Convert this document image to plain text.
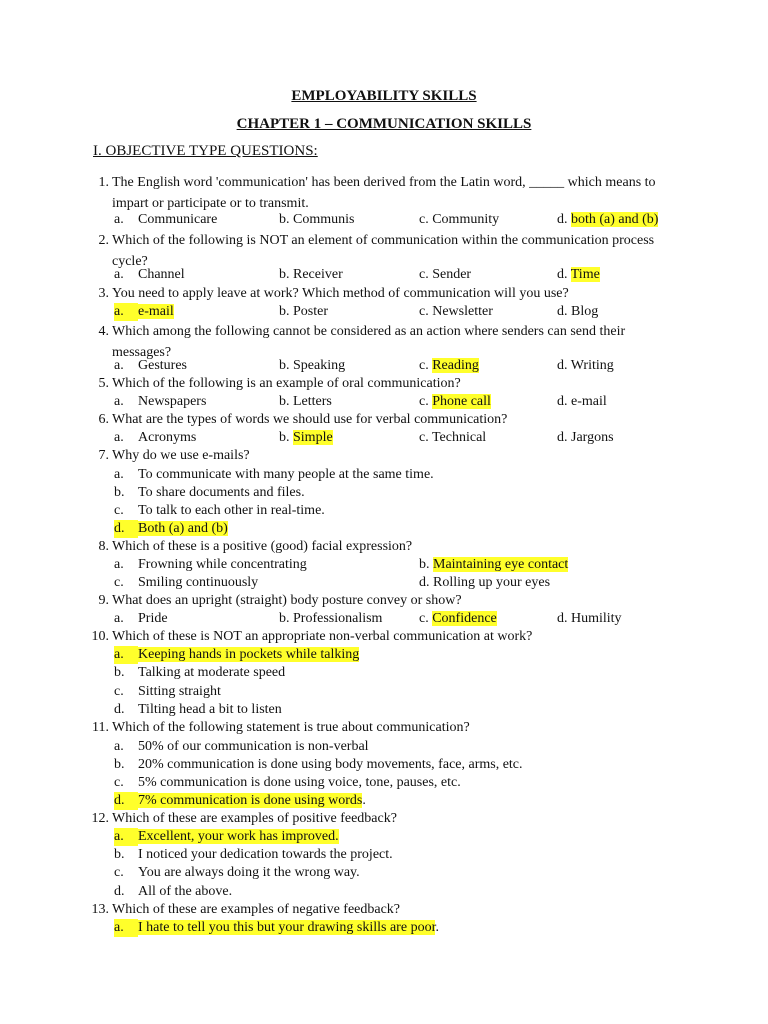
EMPLOYABILITY SKILLS
CHAPTER 1 – COMMUNICATION SKILLS
I. OBJECTIVE TYPE QUESTIONS:
1. The English word 'communication' has been derived from the Latin word, _____ which means to impart or participate or to transmit.
a. Communicare	b. Communis	c. Community	d. both (a) and (b)
2. Which of the following is NOT an element of communication within the communication process cycle?
a. Channel	b. Receiver	c. Sender	d. Time
3. You need to apply leave at work? Which method of communication will you use?
a. e-mail	b. Poster	c. Newsletter	d. Blog
4. Which among the following cannot be considered as an action where senders can send their messages?
a. Gestures	b. Speaking	c. Reading	d. Writing
5. Which of the following is an example of oral communication?
a. Newspapers	b. Letters	c. Phone call	d. e-mail
6. What are the types of words we should use for verbal communication?
a. Acronyms	b. Simple	c. Technical	d. Jargons
7. Why do we use e-mails?
a. To communicate with many people at the same time.
b. To share documents and files.
c. To talk to each other in real-time.
d. Both (a) and (b)
8. Which of these is a positive (good) facial expression?
a. Frowning while concentrating	b. Maintaining eye contact
c. Smiling continuously	d. Rolling up your eyes
9. What does an upright (straight) body posture convey or show?
a. Pride	b. Professionalism	c. Confidence	d. Humility
10. Which of these is NOT an appropriate non-verbal communication at work?
a. Keeping hands in pockets while talking
b. Talking at moderate speed
c. Sitting straight
d. Tilting head a bit to listen
11. Which of the following statement is true about communication?
a. 50% of our communication is non-verbal
b. 20% communication is done using body movements, face, arms, etc.
c. 5% communication is done using voice, tone, pauses, etc.
d. 7% communication is done using words.
12. Which of these are examples of positive feedback?
a. Excellent, your work has improved.
b. I noticed your dedication towards the project.
c. You are always doing it the wrong way.
d. All of the above.
13. Which of these are examples of negative feedback?
a. I hate to tell you this but your drawing skills are poor.
